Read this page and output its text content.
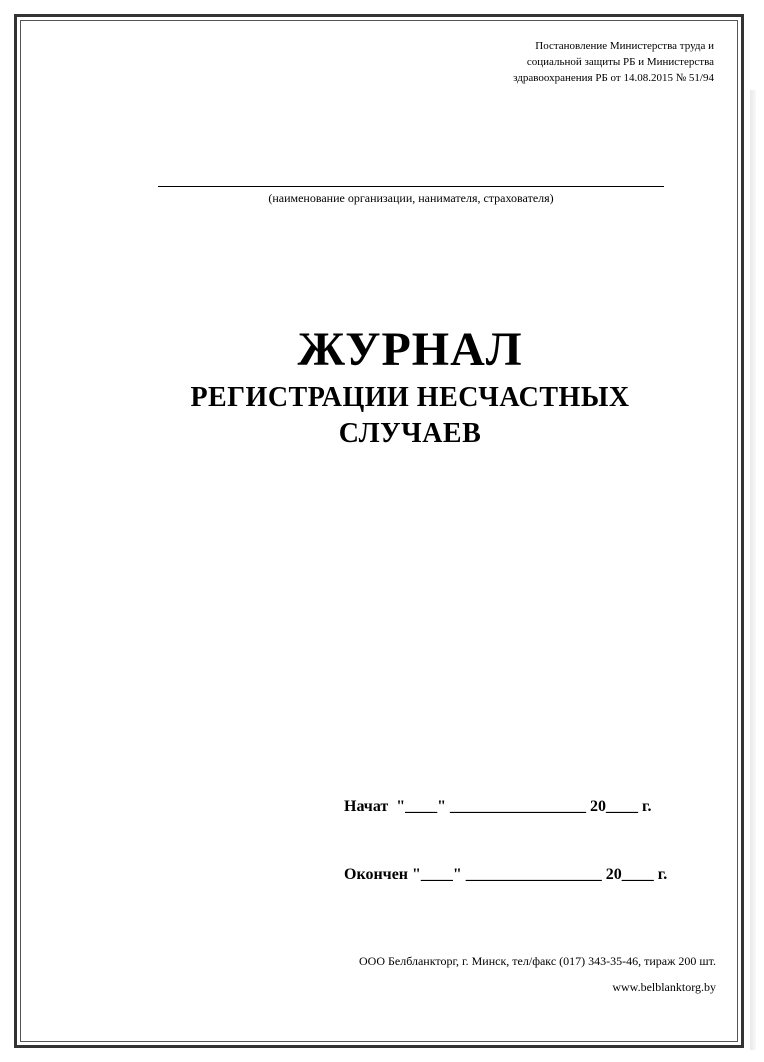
Постановление Министерства труда и
социальной защиты РБ и Министерства
здравоохранения РБ от 14.08.2015 № 51/94
(наименование организации, нанимателя, страхователя)
ЖУРНАЛ
РЕГИСТРАЦИИ НЕСЧАСТНЫХ
СЛУЧАЕВ
Начат  "____" _________________ 20____ г.
Окончен "____" _________________ 20____ г.
ООО Белбланкторг, г. Минск, тел/факс (017) 343-35-46, тираж 200 шт.
www.belblanktorg.by
